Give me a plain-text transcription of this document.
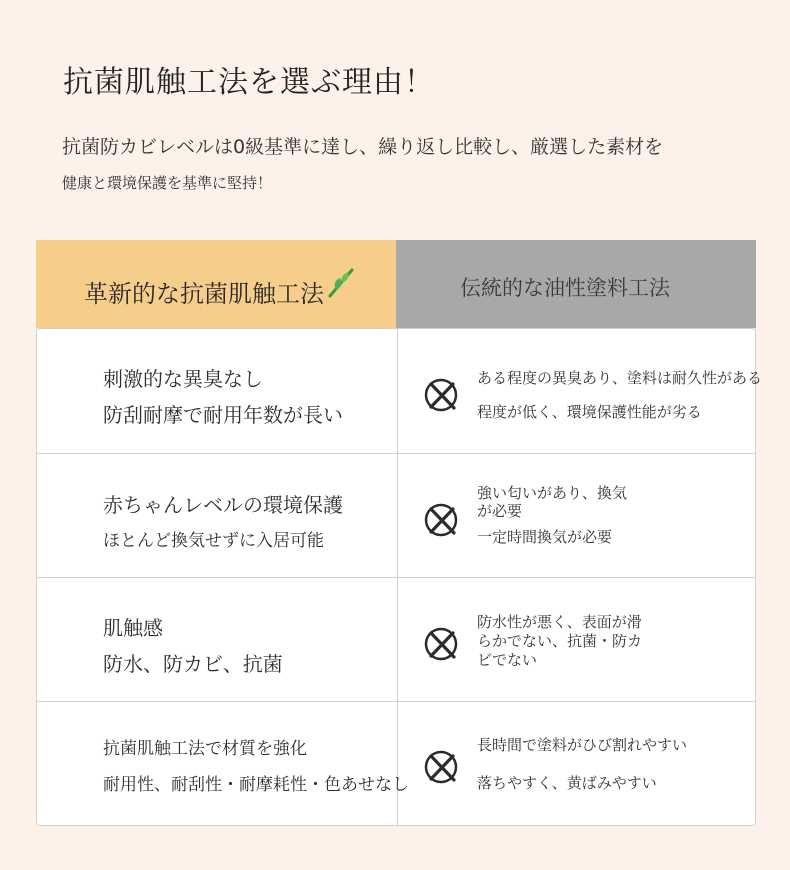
抗菌肌触工法を選ぶ理由！
抗菌防カビレベルは0級基準に達し、繰り返し比較し、厳選した素材を
健康と環境保護を基準に堅持！
革新的な抗菌肌触工法	伝統的な油性塗料工法
刺激的な異臭なし
防刮耐摩で耐用年数が長い
ある程度の異臭あり、塗料は耐久性がある
程度が低く、環境保護性能が劣る
赤ちゃんレベルの環境保護
ほとんど換気せずに入居可能
強い匂いがあり、換気
が必要
一定時間換気が必要
肌触感
防水、防カビ、抗菌
防水性が悪く、表面が滑
らかでない、抗菌・防カ
ビでない
抗菌肌触工法で材質を強化
耐用性、耐刮性・耐摩耗性・色あせなし
長時間で塗料がひび割れやすい
落ちやすく、黄ばみやすい
